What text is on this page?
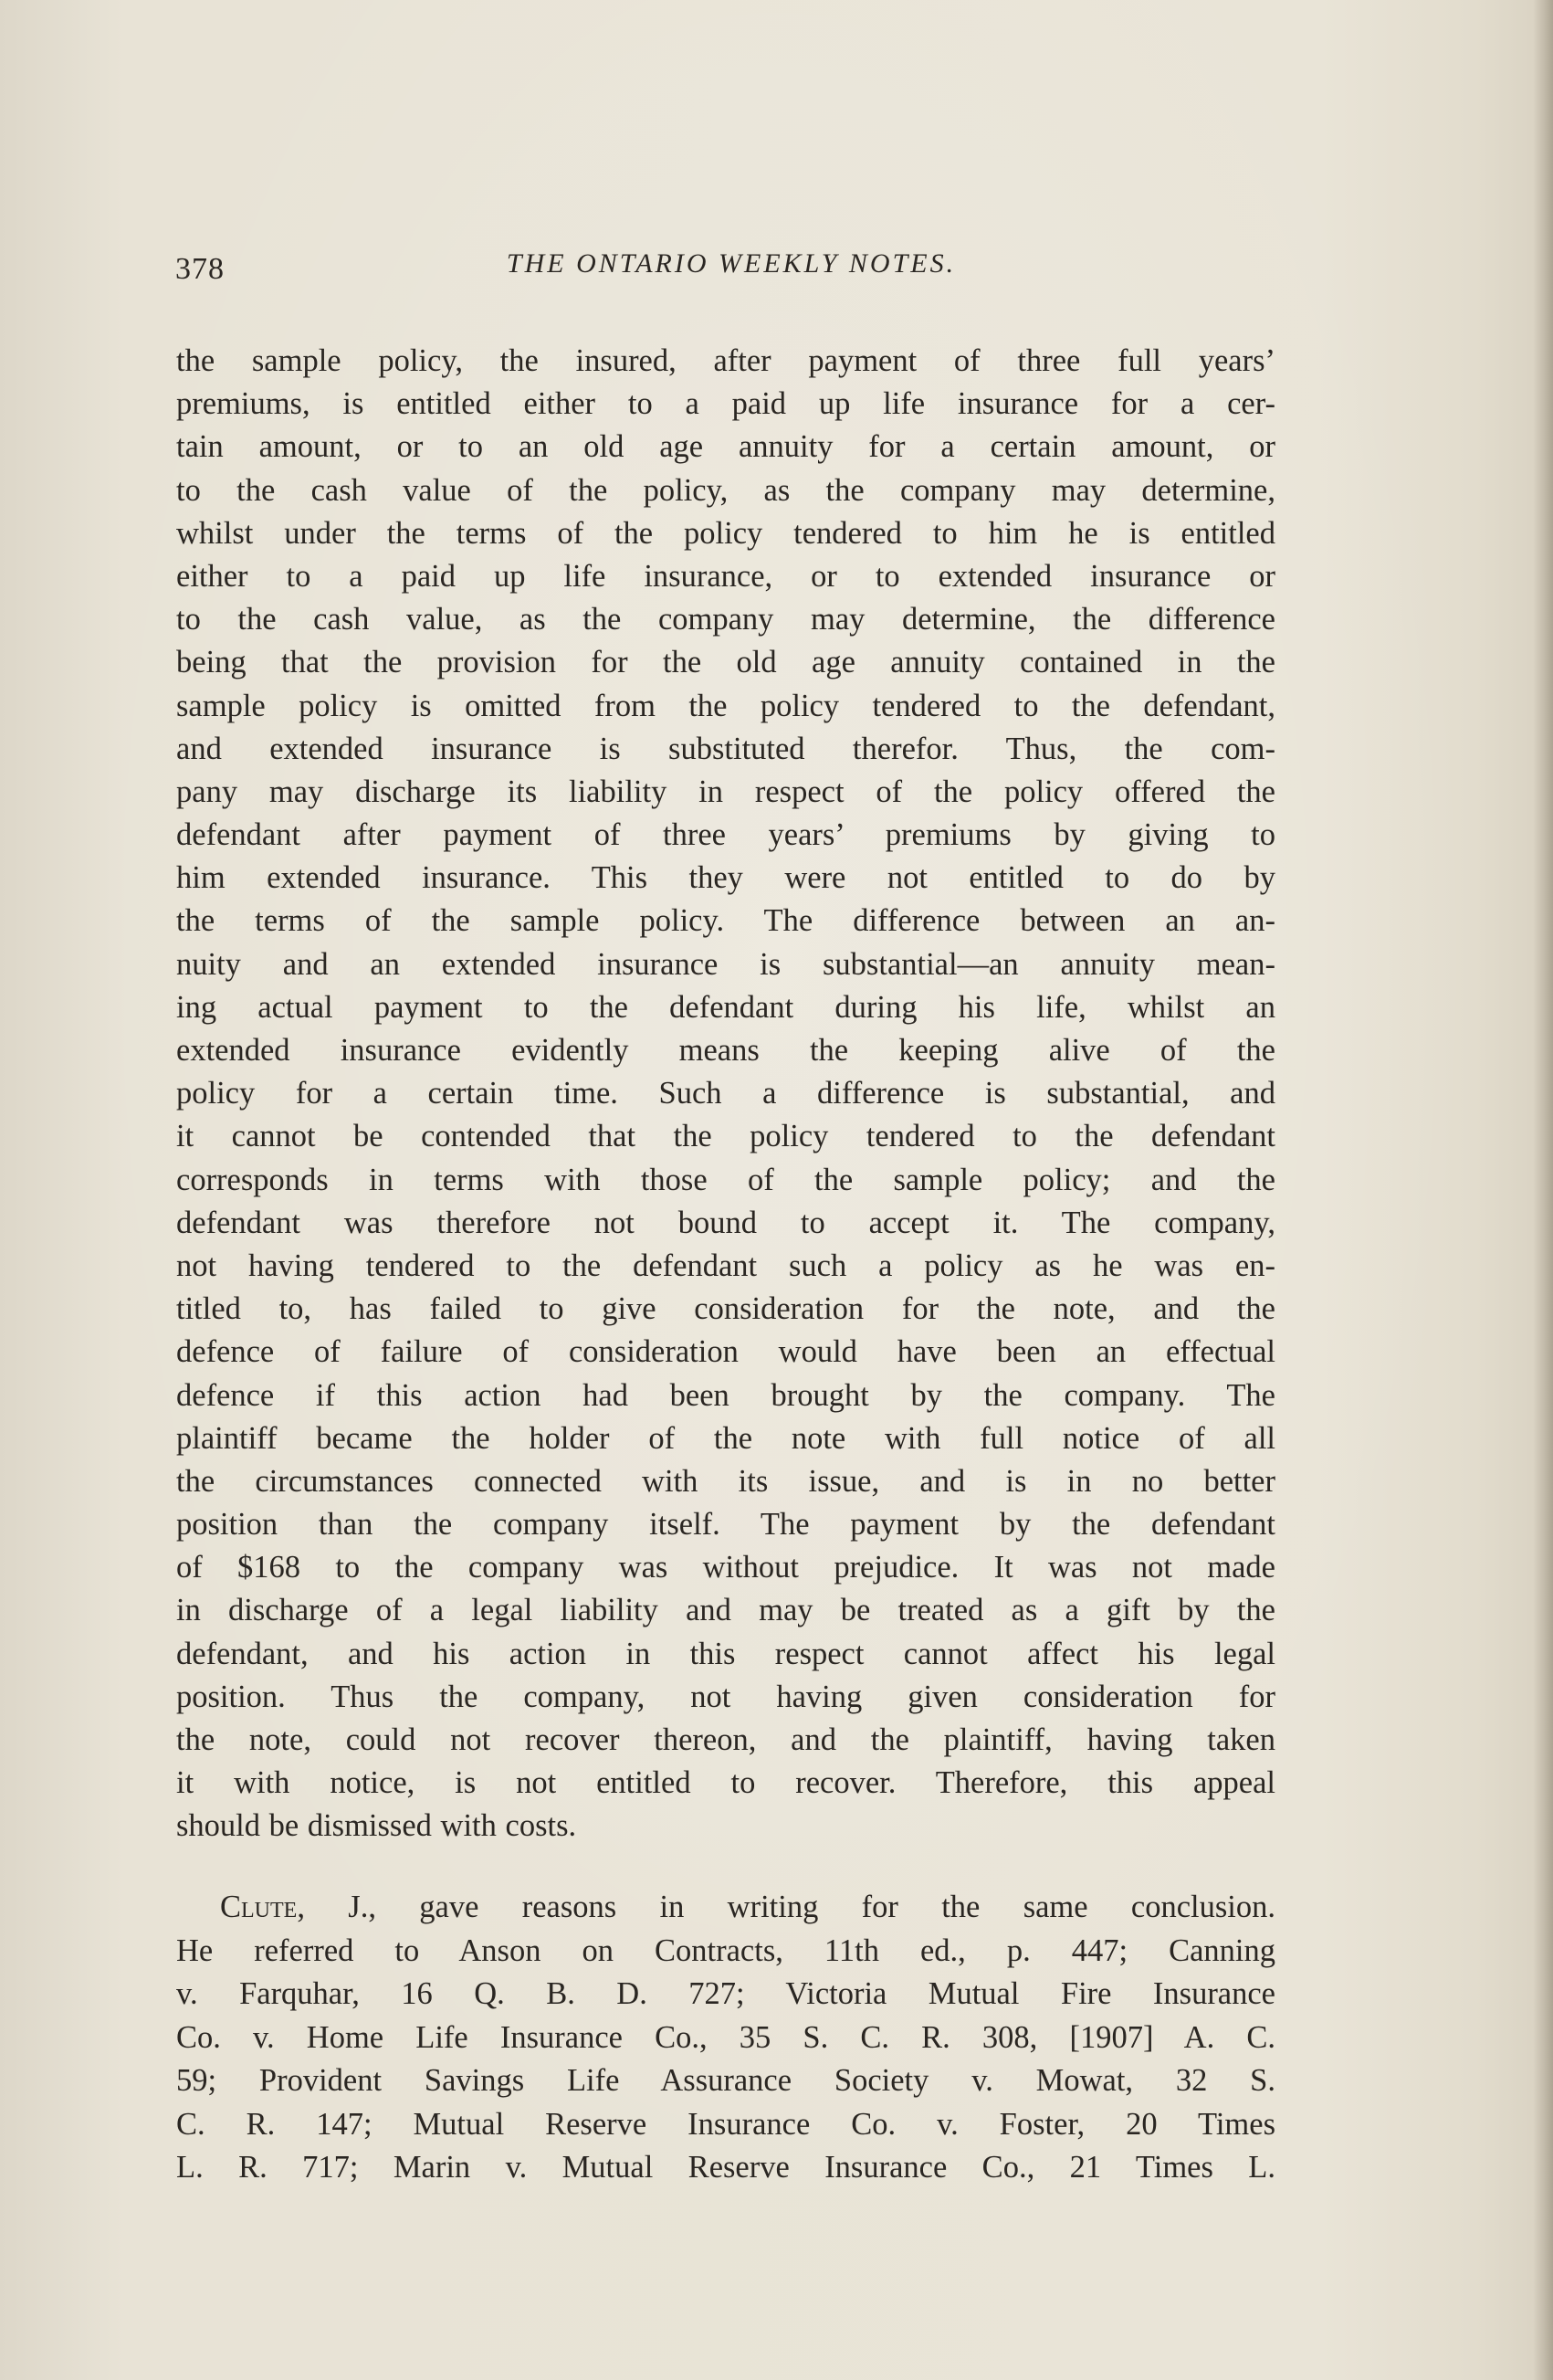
378	THE ONTARIO WEEKLY NOTES.
the sample policy, the insured, after payment of three full years’
premiums, is entitled either to a paid up life insurance for a cer-
tain amount, or to an old age annuity for a certain amount, or
to the cash value of the policy, as the company may determine,
whilst under the terms of the policy tendered to him he is entitled
either to a paid up life insurance, or to extended insurance or
to the cash value, as the company may determine, the difference
being that the provision for the old age annuity contained in the
sample policy is omitted from the policy tendered to the defendant,
and extended insurance is substituted therefor. Thus, the com-
pany may discharge its liability in respect of the policy offered the
defendant after payment of three years’ premiums by giving to
him extended insurance. This they were not entitled to do by
the terms of the sample policy. The difference between an an-
nuity and an extended insurance is substantial—an annuity mean-
ing actual payment to the defendant during his life, whilst an
extended insurance evidently means the keeping alive of the
policy for a certain time. Such a difference is substantial, and
it cannot be contended that the policy tendered to the defendant
corresponds in terms with those of the sample policy; and the
defendant was therefore not bound to accept it. The company,
not having tendered to the defendant such a policy as he was en-
titled to, has failed to give consideration for the note, and the
defence of failure of consideration would have been an effectual
defence if this action had been brought by the company. The
plaintiff became the holder of the note with full notice of all
the circumstances connected with its issue, and is in no better
position than the company itself. The payment by the defendant
of $168 to the company was without prejudice. It was not made
in discharge of a legal liability and may be treated as a gift by the
defendant, and his action in this respect cannot affect his legal
position. Thus the company, not having given consideration for
the note, could not recover thereon, and the plaintiff, having taken
it with notice, is not entitled to recover. Therefore, this appeal
should be dismissed with costs.
Clute, J., gave reasons in writing for the same conclusion.
He referred to Anson on Contracts, 11th ed., p. 447; Canning
v. Farquhar, 16 Q. B. D. 727; Victoria Mutual Fire Insurance
Co. v. Home Life Insurance Co., 35 S. C. R. 308, [1907] A. C.
59; Provident Savings Life Assurance Society v. Mowat, 32 S.
C. R. 147; Mutual Reserve Insurance Co. v. Foster, 20 Times
L. R. 717; Marin v. Mutual Reserve Insurance Co., 21 Times L.
